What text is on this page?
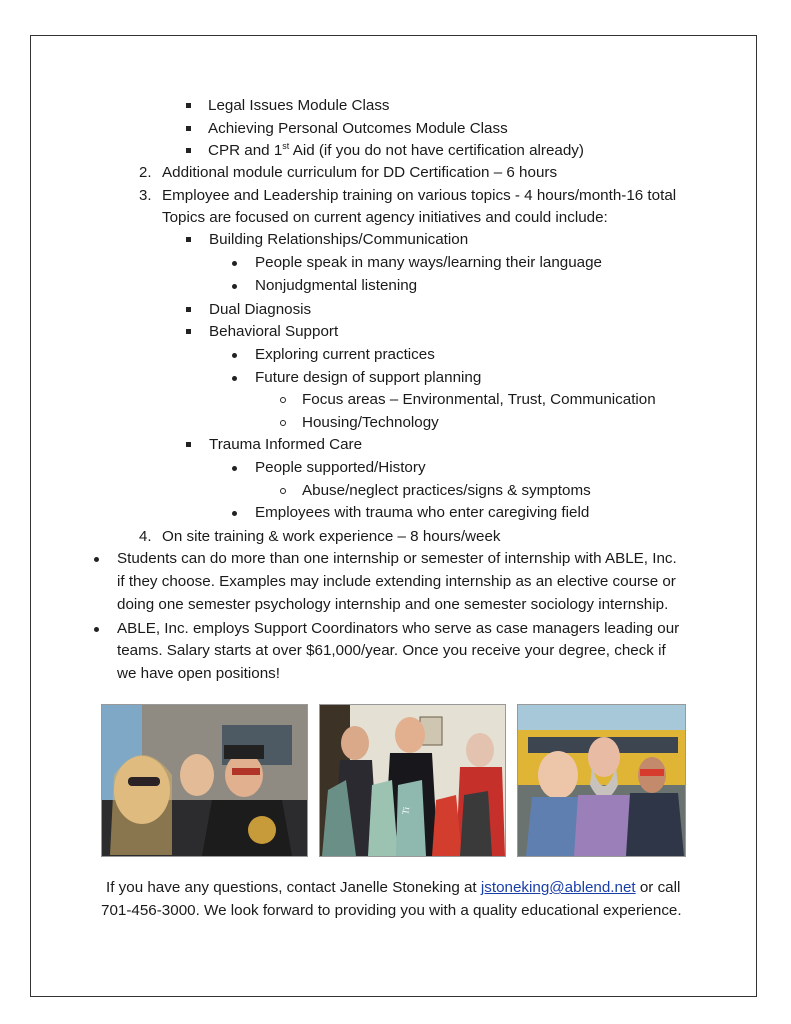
Legal Issues Module Class
Achieving Personal Outcomes Module Class
CPR and 1st Aid (if you do not have certification already)
2. Additional module curriculum for DD Certification – 6 hours
3. Employee and Leadership training on various topics - 4 hours/month-16 total
Topics are focused on current agency initiatives and could include:
Building Relationships/Communication
People speak in many ways/learning their language
Nonjudgmental listening
Dual Diagnosis
Behavioral Support
Exploring current practices
Future design of support planning
Focus areas – Environmental, Trust, Communication
Housing/Technology
Trauma Informed Care
People supported/History
Abuse/neglect practices/signs & symptoms
Employees with trauma who enter caregiving field
4. On site training & work experience – 8 hours/week
Students can do more than one internship or semester of internship with ABLE, Inc.
if they choose. Examples may include extending internship as an elective course or
doing one semester psychology internship and one semester sociology internship.
ABLE, Inc. employs Support Coordinators who serve as case managers leading our
teams. Salary starts at over $61,000/year. Once you receive your degree, check if
we have open positions!
Ti
If you have any questions, contact Janelle Stoneking at jstoneking@ablend.net or call
701-456-3000. We look forward to providing you with a quality educational experience.
